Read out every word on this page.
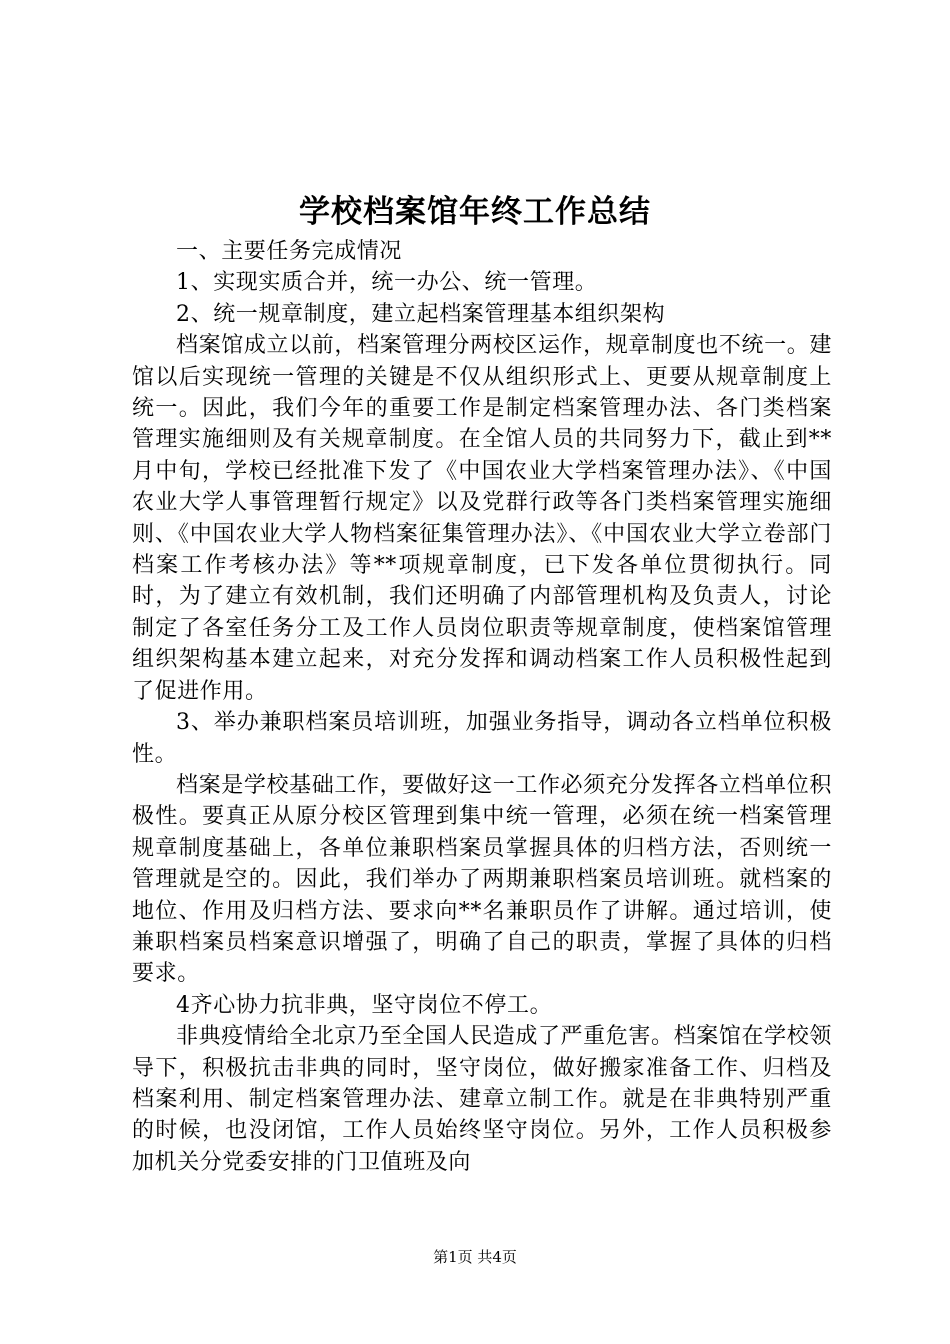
学校档案馆年终工作总结

一、主要任务完成情况

1、实现实质合并，统一办公、统一管理。

2、统一规章制度，建立起档案管理基本组织架构

档案馆成立以前，档案管理分两校区运作，规章制度也不统一。建馆以后实现统一管理的关键是不仅从组织形式上、更要从规章制度上统一。因此，我们今年的重要工作是制定档案管理办法、各门类档案管理实施细则及有关规章制度。在全馆人员的共同努力下，截止到**月中旬，学校已经批准下发了《中国农业大学档案管理办法》、《中国农业大学人事管理暂行规定》以及党群行政等各门类档案管理实施细则、《中国农业大学人物档案征集管理办法》、《中国农业大学立卷部门档案工作考核办法》等**项规章制度，已下发各单位贯彻执行。同时，为了建立有效机制，我们还明确了内部管理机构及负责人，讨论制定了各室任务分工及工作人员岗位职责等规章制度，使档案馆管理组织架构基本建立起来，对充分发挥和调动档案工作人员积极性起到了促进作用。

3、举办兼职档案员培训班，加强业务指导，调动各立档单位积极性。

档案是学校基础工作，要做好这一工作必须充分发挥各立档单位积极性。要真正从原分校区管理到集中统一管理，必须在统一档案管理规章制度基础上，各单位兼职档案员掌握具体的归档方法，否则统一管理就是空的。因此，我们举办了两期兼职档案员培训班。就档案的地位、作用及归档方法、要求向**名兼职员作了讲解。通过培训，使兼职档案员档案意识增强了，明确了自己的职责，掌握了具体的归档要求。

4齐心协力抗非典，坚守岗位不停工。

非典疫情给全北京乃至全国人民造成了严重危害。档案馆在学校领导下，积极抗击非典的同时，坚守岗位，做好搬家准备工作、归档及档案利用、制定档案管理办法、建章立制工作。就是在非典特别严重的时候，也没闭馆，工作人员始终坚守岗位。另外，工作人员积极参加机关分党委安排的门卫值班及向

第1页 共4页
